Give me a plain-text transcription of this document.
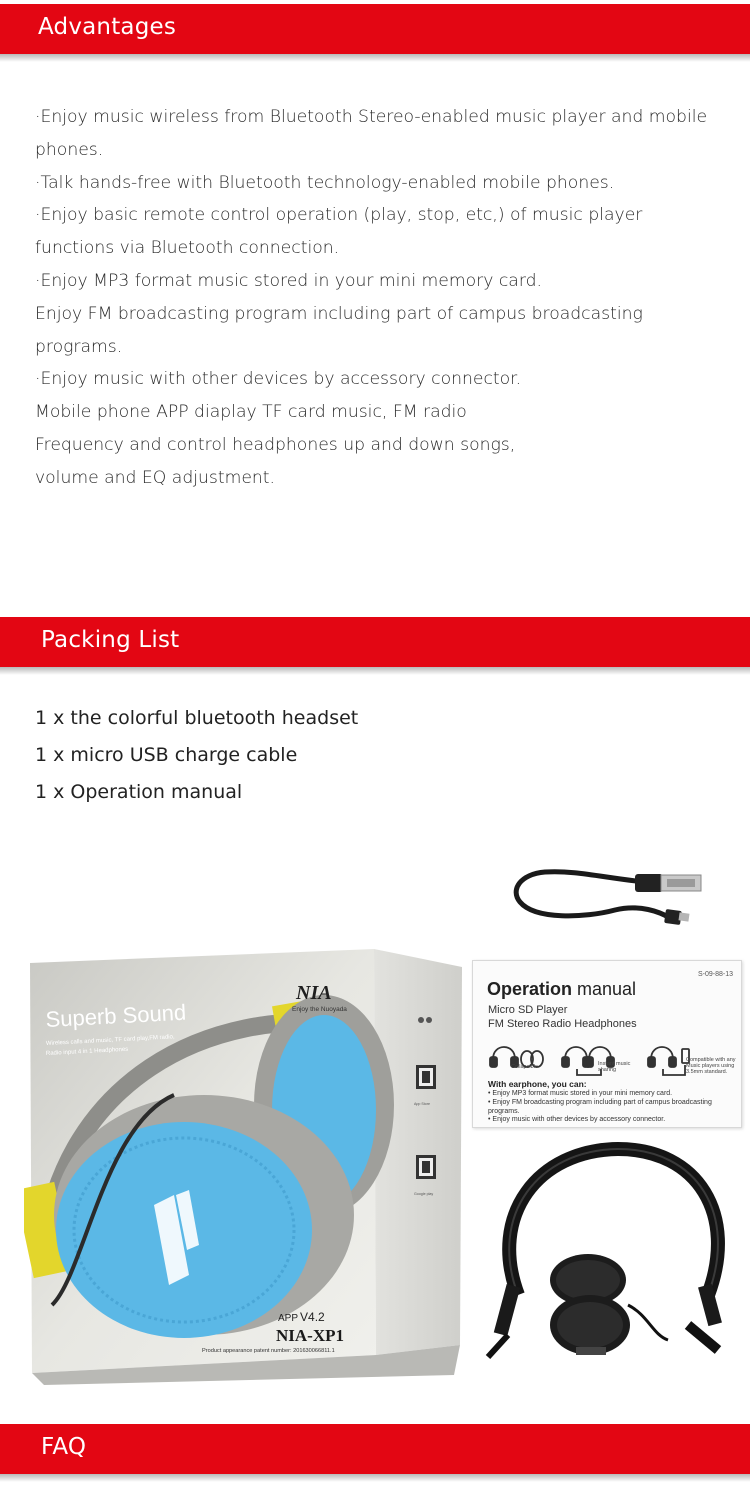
Advantages

·Enjoy music wireless from Bluetooth Stereo-enabled music player and mobile phones.

·Talk hands-free with Bluetooth technology-enabled mobile phones.

·Enjoy basic remote control operation (play, stop, etc,) of music player functions via Bluetooth connection.

·Enjoy MP3 format music stored in your mini memory card.

Enjoy FM broadcasting program including part of campus broadcasting programs.

·Enjoy music with other devices by accessory connector.

Mobile phone APP diaplay TF card music, FM radio

Frequency and control headphones up and down songs,

volume and EQ adjustment.

Packing List
1 x the colorful bluetooth headset
1 x micro USB charge cable
1 x Operation manual
Superb Sound
Wireless calls and music, TF card play,FM radio,
Radio input 4 in 1 Headphones
NIA
Enjoy the Nuoyada
APP V4.2
NIA-XP1
Product appearance patent number: 201630066811.1
App Store
Google play
S-09-88-13
Operation manual
Micro SD Player
FM Stereo Radio Headphones
Collapsible	Instant music sharing
Compatible with any Music players using 3.5mm standard.
With earphone, you can:
• Enjoy MP3 format music stored in your mini memory card.
• Enjoy FM broadcasting program including part of campus broadcasting programs.
• Enjoy music with other devices by accessory connector.
FAQ
